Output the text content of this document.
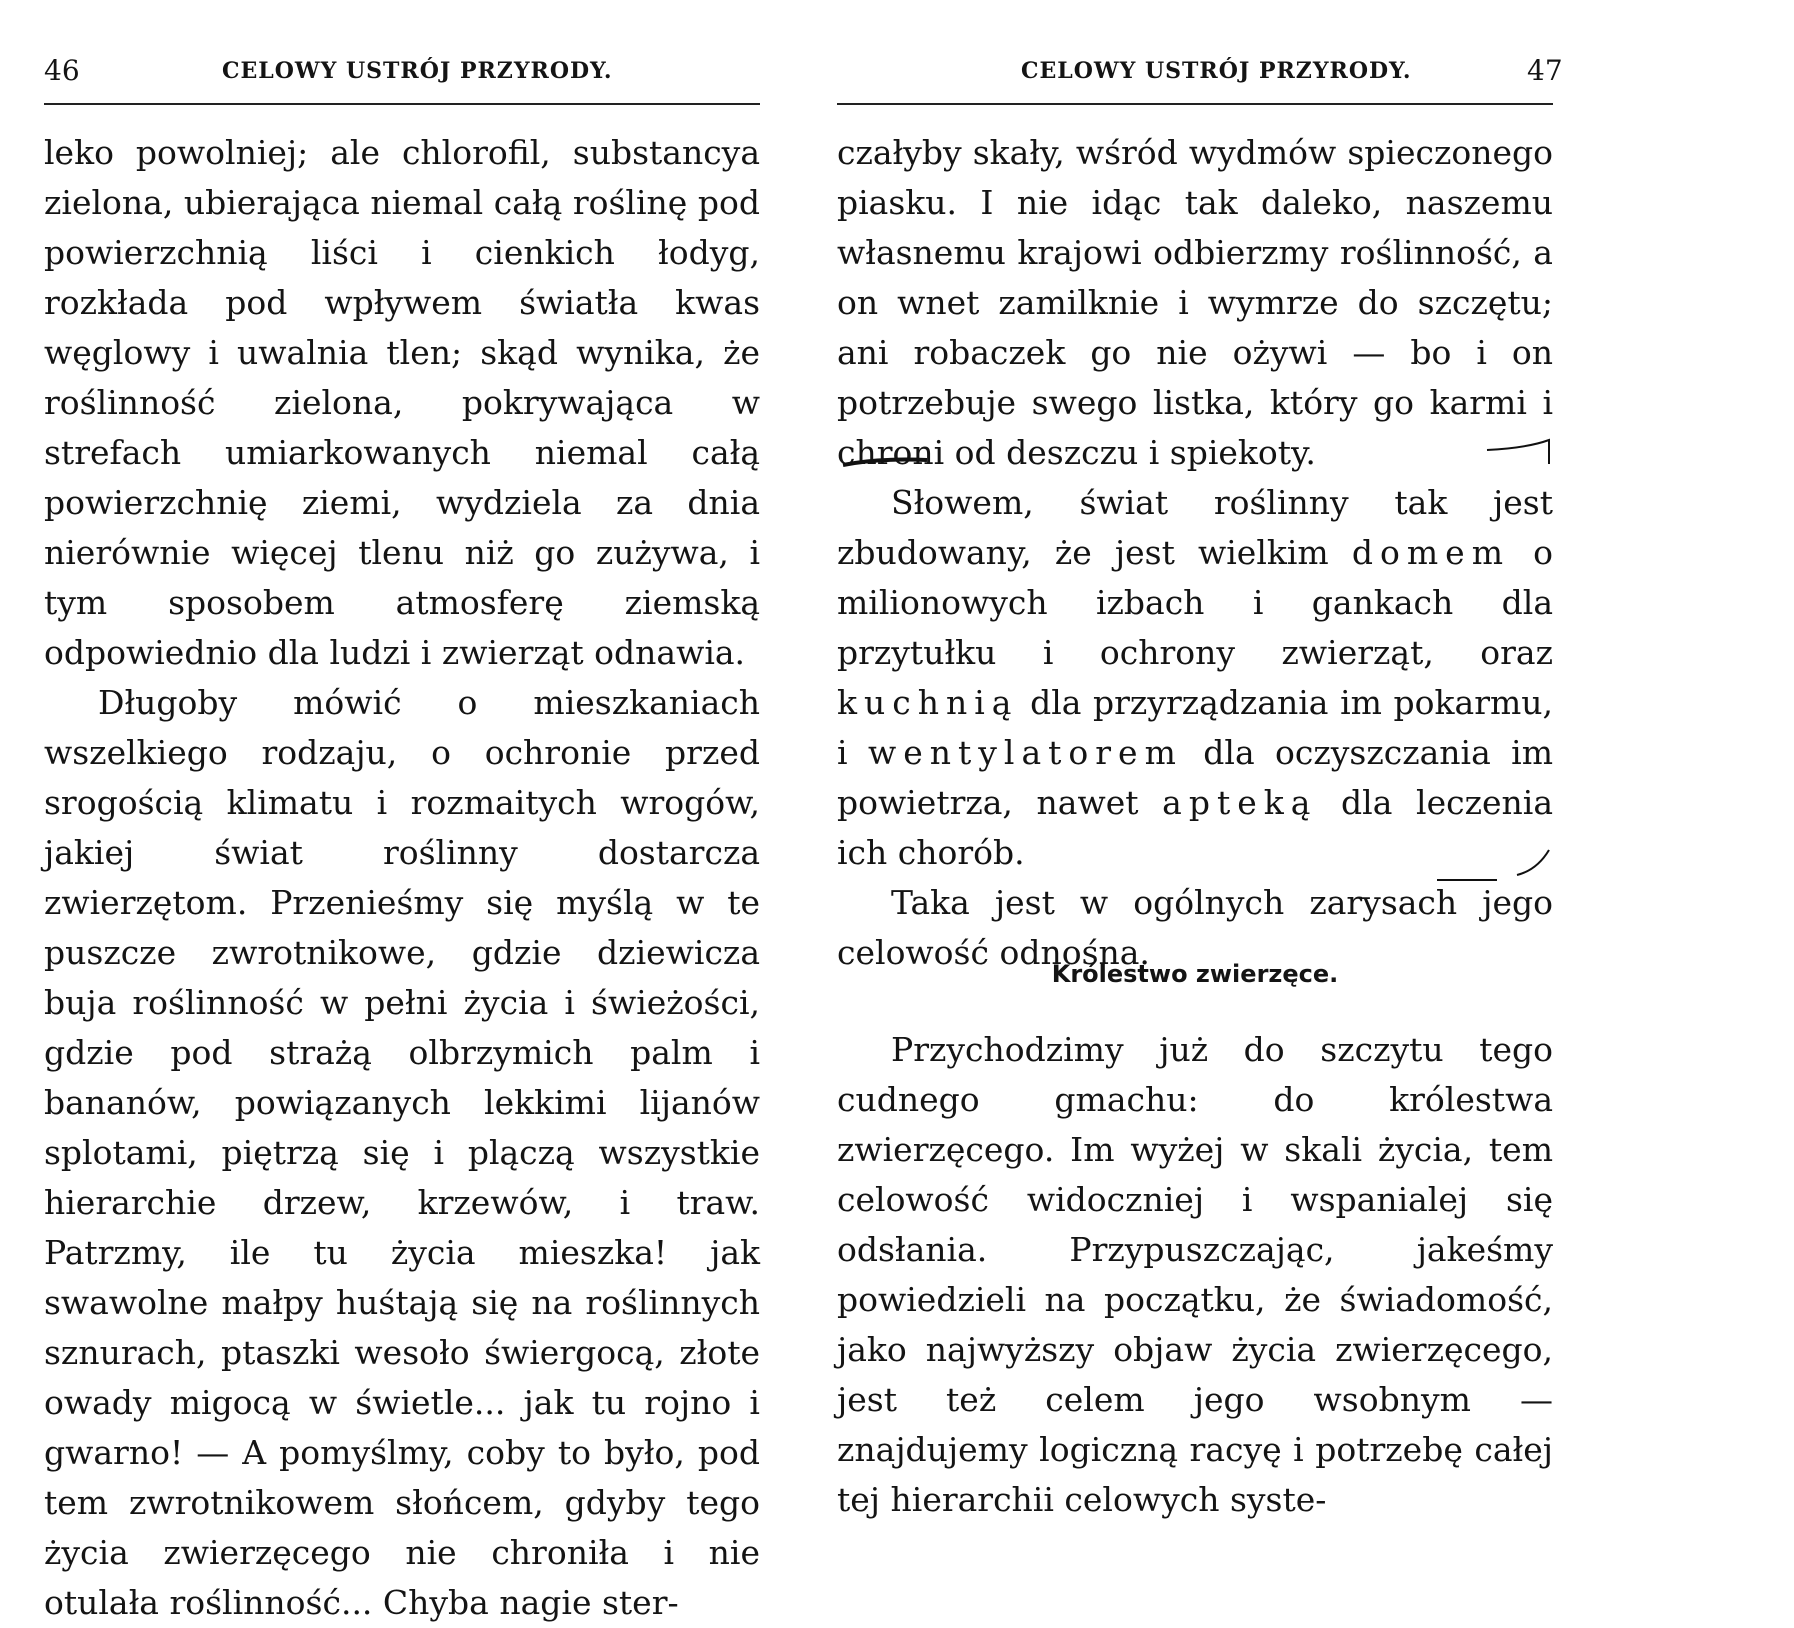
46	CELOWY USTRÓJ PRZYRODY.

leko powolniej; ale chlorofil, substancya zielona, ubierająca niemal całą roślinę pod powierzchnią liści i cienkich łodyg, rozkłada pod wpływem światła kwas węglowy i uwalnia tlen; skąd wynika, że roślinność zielona, pokrywająca w strefach umiarkowanych niemal całą powierzchnię ziemi, wydziela za dnia nierównie więcej tlenu niż go zużywa, i tym sposobem atmosferę ziemską odpowiednio dla ludzi i zwierząt odnawia.

Długoby mówić o mieszkaniach wszelkiego rodzaju, o ochronie przed srogością klimatu i rozmaitych wrogów, jakiej świat roślinny dostarcza zwierzętom. Przenieśmy się myślą w te puszcze zwrotnikowe, gdzie dziewicza buja roślinność w pełni życia i świeżości, gdzie pod strażą olbrzymich palm i bananów, powiązanych lekkimi lijanów splotami, piętrzą się i plączą wszystkie hierarchie drzew, krzewów, i traw. Patrzmy, ile tu życia mieszka! jak swawolne małpy huśtają się na roślinnych sznurach, ptaszki wesoło świergocą, złote owady migocą w świetle... jak tu rojno i gwarno! — A pomyślmy, coby to było, pod tem zwrotnikowem słońcem, gdyby tego życia zwierzęcego nie chroniła i nie otulała roślinność... Chyba nagie ster-

CELOWY USTRÓJ PRZYRODY.	47

czałyby skały, wśród wydmów spieczonego piasku. I nie idąc tak daleko, naszemu własnemu krajowi odbierzmy roślinność, a on wnet zamilknie i wymrze do szczętu; ani robaczek go nie ożywi — bo i on potrzebuje swego listka, który go karmi i chroni od deszczu i spiekoty.

Słowem, świat roślinny tak jest zbudowany, że jest wielkim domem o milionowych izbach i gankach dla przytułku i ochrony zwierząt, oraz kuchnią dla przyrządzania im pokarmu, i wentylatorem dla oczyszczania im powietrza, nawet apteką dla leczenia ich chorób.

Taka jest w ogólnych zarysach jego celowość odnośna.

Królestwo zwierzęce.

Przychodzimy już do szczytu tego cudnego gmachu: do królestwa zwierzęcego. Im wyżej w skali życia, tem celowość widoczniej i wspanialej się odsłania. Przypuszczając, jakeśmy powiedzieli na początku, że świadomość, jako najwyższy objaw życia zwierzęcego, jest też celem jego wsobnym — znajdujemy logiczną racyę i potrzebę całej tej hierarchii celowych syste-
